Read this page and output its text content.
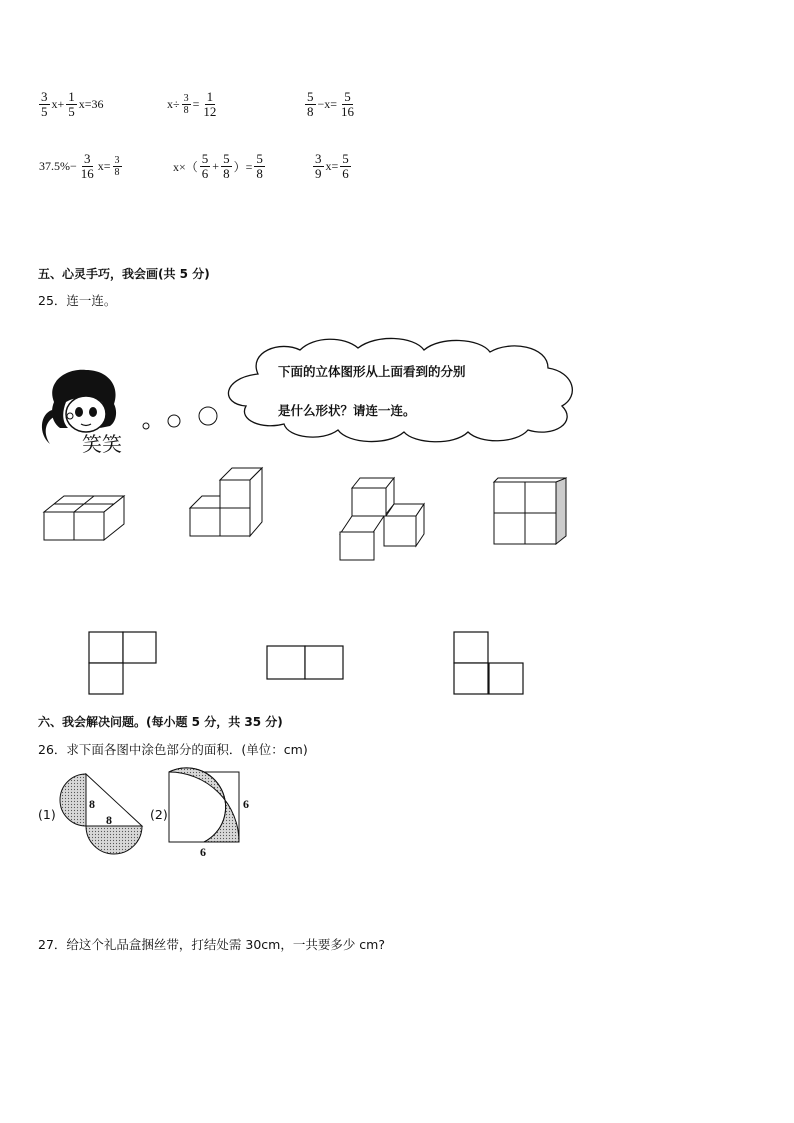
$\frac{3}{5} x+ \frac{1}{5} x=36$	$x\div \frac{3}{8} = \frac{1}{12}$	$\frac{5}{8} -x= \frac{5}{16}$
$37.5\%- \frac{3}{16} x= \frac{3}{8}$	$x\times( \frac{5}{6} + \frac{5}{8}$ ）= $\frac{5}{8}$	$\frac{3}{9} x= \frac{5}{6}$
五、心灵手巧，我会画(共 5 分)
25．连一连。
笑笑
下面的立体图形从上面看到的分别
是什么形状？请连一连。
六、我会解决问题。(每小题 5 分，共 35 分)
26．求下面各图中涂色部分的面积．(单位：cm)
(1)
8
8	(2)
6
6
27．给这个礼品盒捆丝带，打结处需 30cm，一共要多少 cm?
